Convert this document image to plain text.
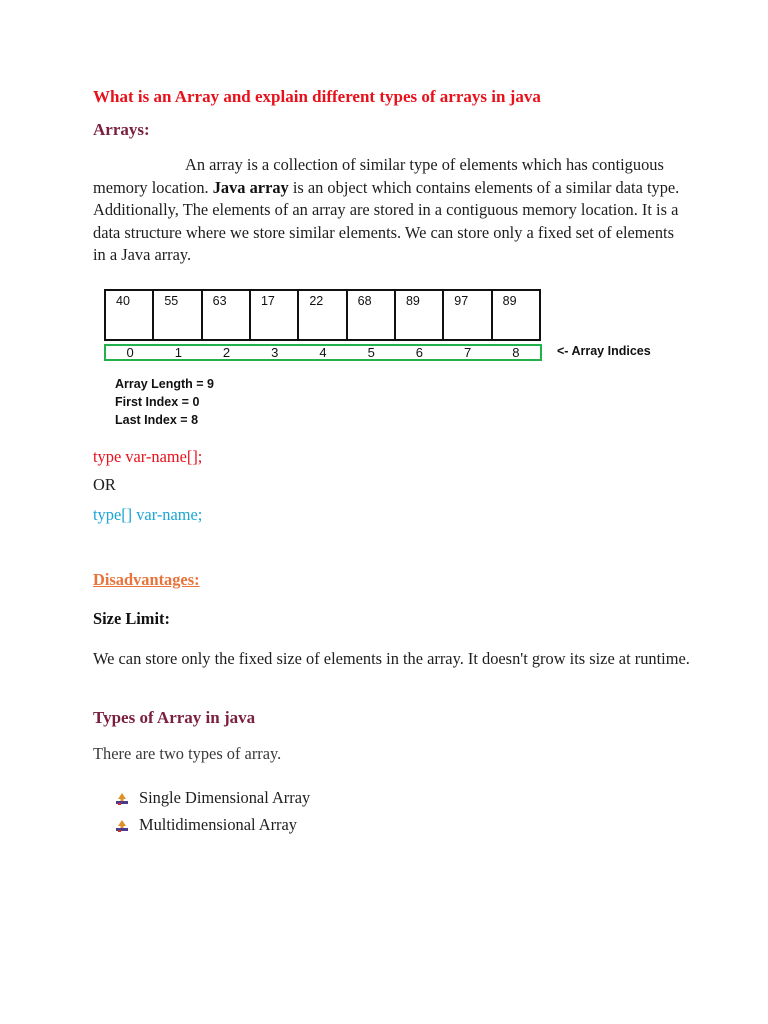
What is an Array and explain different types of arrays in java
Arrays:
An array is a collection of similar type of elements which has contiguous memory location. Java array is an object which contains elements of a similar data type. Additionally, The elements of an array are stored in a contiguous memory location. It is a data structure where we store similar elements. We can store only a fixed set of elements in a Java array.
40	55	63	17	22	68	89	97	89
0	1	2	3	4	5	6	7	8	<- Array Indices
Array Length = 9
First Index = 0
Last Index = 8
type var-name[];
OR
type[] var-name;
Disadvantages:
Size Limit:
We can store only the fixed size of elements in the array. It doesn't grow its size at runtime.
Types of Array in java
There are two types of array.
Single Dimensional Array
Multidimensional Array
